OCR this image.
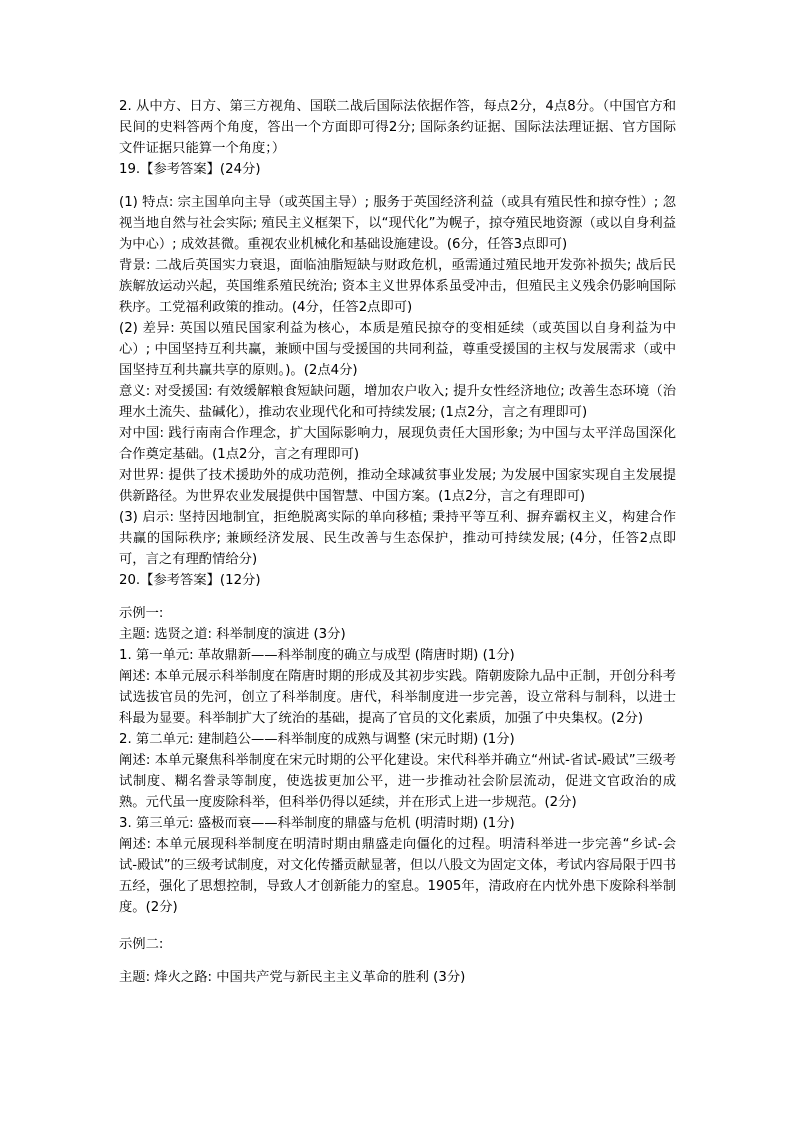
2. 从中方、日方、第三方视角、国联二战后国际法依据作答，每点2分，4点8分。（中国官方和民间的史料答两个角度，答出一个方面即可得2分; 国际条约证据、国际法法理证据、官方国际文件证据只能算一个角度；）

19.【参考答案】(24分)

(1) 特点: 宗主国单向主导（或英国主导）; 服务于英国经济利益（或具有殖民性和掠夺性）; 忽视当地自然与社会实际; 殖民主义框架下，以“现代化”为幌子，掠夺殖民地资源（或以自身利益为中心）; 成效甚微。重视农业机械化和基础设施建设。(6分，任答3点即可)

背景: 二战后英国实力衰退，面临油脂短缺与财政危机，亟需通过殖民地开发弥补损失; 战后民族解放运动兴起，英国维系殖民统治; 资本主义世界体系虽受冲击，但殖民主义残余仍影响国际秩序。工党福利政策的推动。(4分，任答2点即可)

(2) 差异: 英国以殖民国家利益为核心，本质是殖民掠夺的变相延续（或英国以自身利益为中心）; 中国坚持互利共赢，兼顾中国与受援国的共同利益，尊重受援国的主权与发展需求（或中国坚持互利共赢共享的原则。)。(2点4分)

意义: 对受援国: 有效缓解粮食短缺问题，增加农户收入; 提升女性经济地位; 改善生态环境（治理水土流失、盐碱化），推动农业现代化和可持续发展; (1点2分，言之有理即可)

对中国: 践行南南合作理念，扩大国际影响力，展现负责任大国形象; 为中国与太平洋岛国深化合作奠定基础。(1点2分，言之有理即可)

对世界: 提供了技术援助外的成功范例，推动全球减贫事业发展; 为发展中国家实现自主发展提供新路径。为世界农业发展提供中国智慧、中国方案。(1点2分，言之有理即可)

(3) 启示: 坚持因地制宜，拒绝脱离实际的单向移植; 秉持平等互利、摒弃霸权主义，构建合作共赢的国际秩序; 兼顾经济发展、民生改善与生态保护，推动可持续发展; (4分，任答2点即可，言之有理酌情给分)

20.【参考答案】(12分)

示例一:

主题: 选贤之道: 科举制度的演进 (3分)

1. 第一单元: 革故鼎新——科举制度的确立与成型 (隋唐时期) (1分)

阐述: 本单元展示科举制度在隋唐时期的形成及其初步实践。隋朝废除九品中正制，开创分科考试选拔官员的先河，创立了科举制度。唐代，科举制度进一步完善，设立常科与制科，以进士科最为显要。科举制扩大了统治的基础，提高了官员的文化素质，加强了中央集权。(2分)

2. 第二单元: 建制趋公——科举制度的成熟与调整 (宋元时期) (1分)

阐述: 本单元聚焦科举制度在宋元时期的公平化建设。宋代科举并确立“州试-省试-殿试”三级考试制度、糊名誊录等制度，使选拔更加公平，进一步推动社会阶层流动，促进文官政治的成熟。元代虽一度废除科举，但科举仍得以延续，并在形式上进一步规范。(2分)

3. 第三单元: 盛极而衰——科举制度的鼎盛与危机 (明清时期) (1分)

阐述: 本单元展现科举制度在明清时期由鼎盛走向僵化的过程。明清科举进一步完善“乡试-会试-殿试”的三级考试制度，对文化传播贡献显著，但以八股文为固定文体，考试内容局限于四书五经，强化了思想控制，导致人才创新能力的窒息。1905年，清政府在内忧外患下废除科举制度。(2分)

示例二:

主题: 烽火之路: 中国共产党与新民主主义革命的胜利 (3分)
